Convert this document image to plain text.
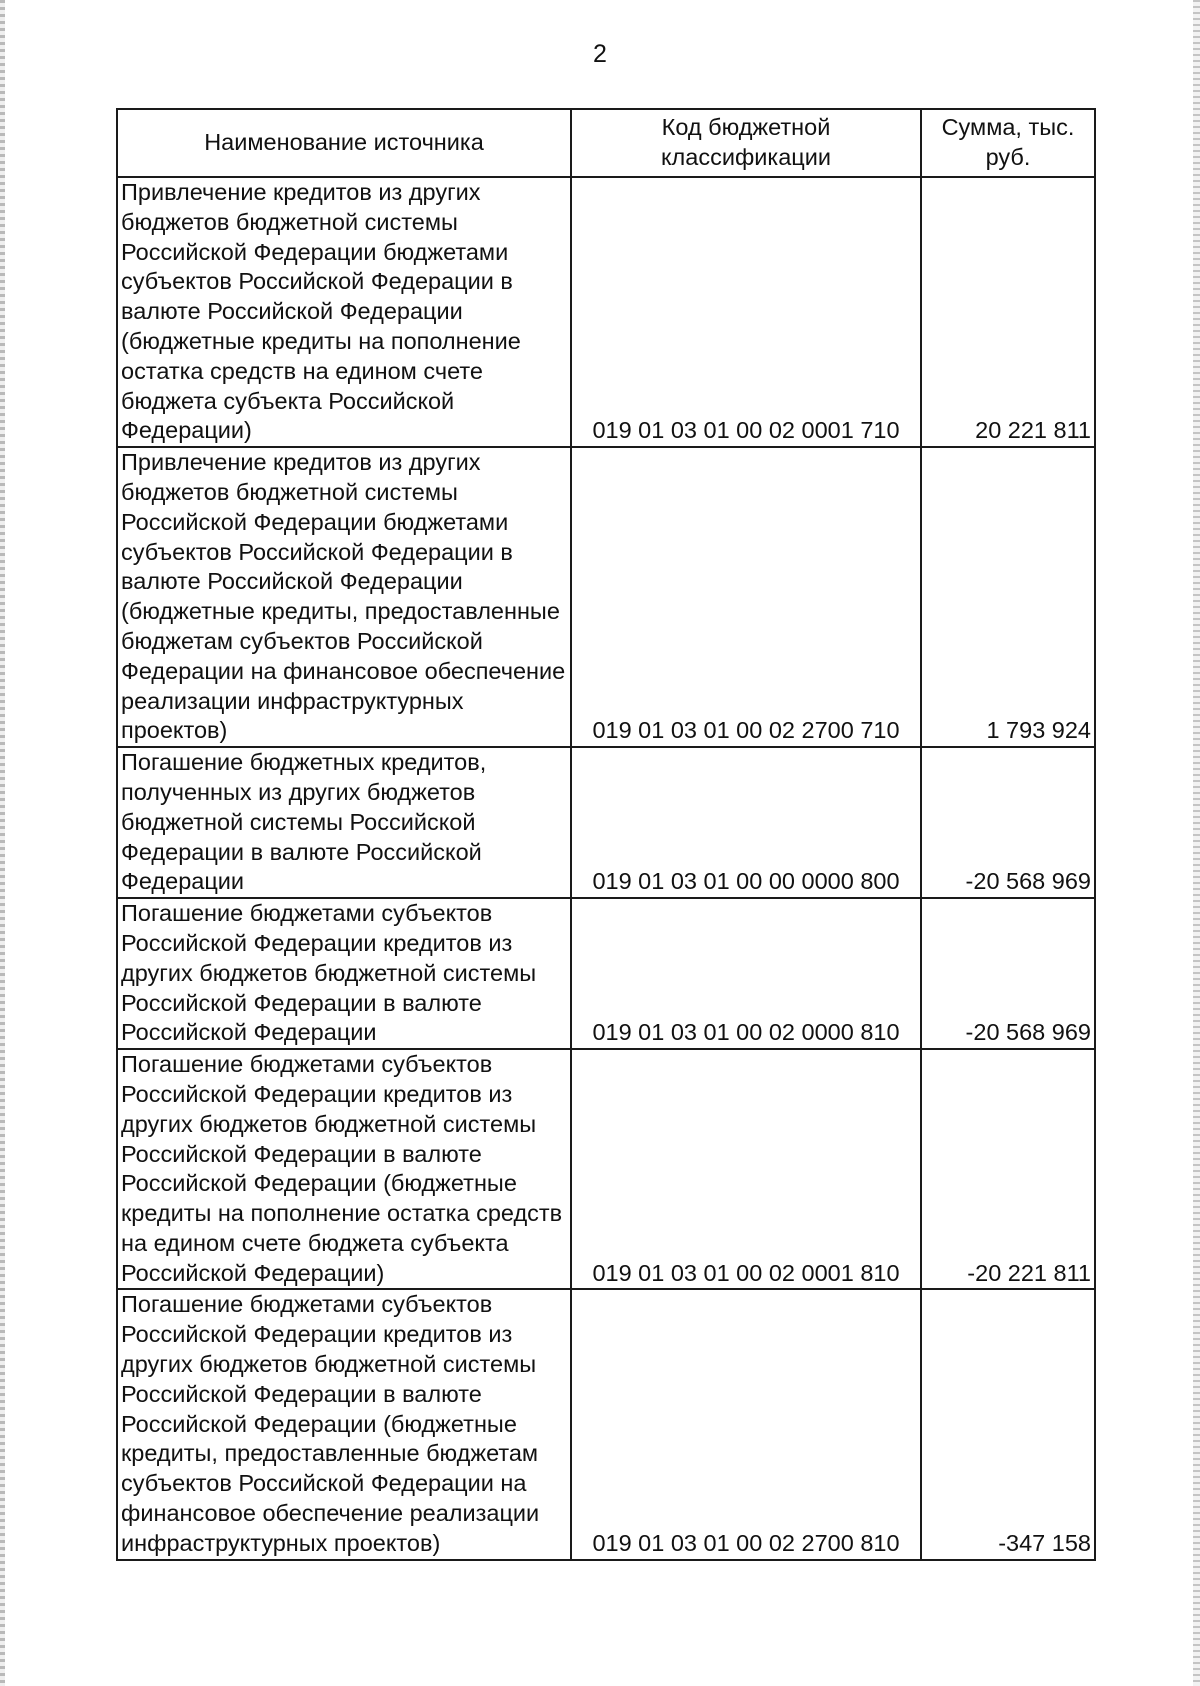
2
Наименование источника	Код бюджетной классификации	Сумма, тыс. руб.
Привлечение кредитов из других бюджетов бюджетной системы Российской Федерации бюджетами субъектов Российской Федерации в валюте Российской Федерации (бюджетные кредиты на пополнение остатка средств на едином счете бюджета субъекта Российской Федерации)	019 01 03 01 00 02 0001 710	20 221 811
Привлечение кредитов из других бюджетов бюджетной системы Российской Федерации бюджетами субъектов Российской Федерации в валюте Российской Федерации (бюджетные кредиты, предоставленные бюджетам субъектов Российской Федерации на финансовое обеспечение реализации инфраструктурных проектов)	019 01 03 01 00 02 2700 710	1 793 924
Погашение бюджетных кредитов, полученных из других бюджетов бюджетной системы Российской Федерации в валюте Российской Федерации	019 01 03 01 00 00 0000 800	-20 568 969
Погашение бюджетами субъектов Российской Федерации кредитов из других бюджетов бюджетной системы Российской Федерации в валюте Российской Федерации	019 01 03 01 00 02 0000 810	-20 568 969
Погашение бюджетами субъектов Российской Федерации кредитов из других бюджетов бюджетной системы Российской Федерации в валюте Российской Федерации (бюджетные кредиты на пополнение остатка средств на едином счете бюджета субъекта Российской Федерации)	019 01 03 01 00 02 0001 810	-20 221 811
Погашение бюджетами субъектов Российской Федерации кредитов из других бюджетов бюджетной системы Российской Федерации в валюте Российской Федерации (бюджетные кредиты, предоставленные бюджетам субъектов Российской Федерации на финансовое обеспечение реализации инфраструктурных проектов)	019 01 03 01 00 02 2700 810	-347 158
